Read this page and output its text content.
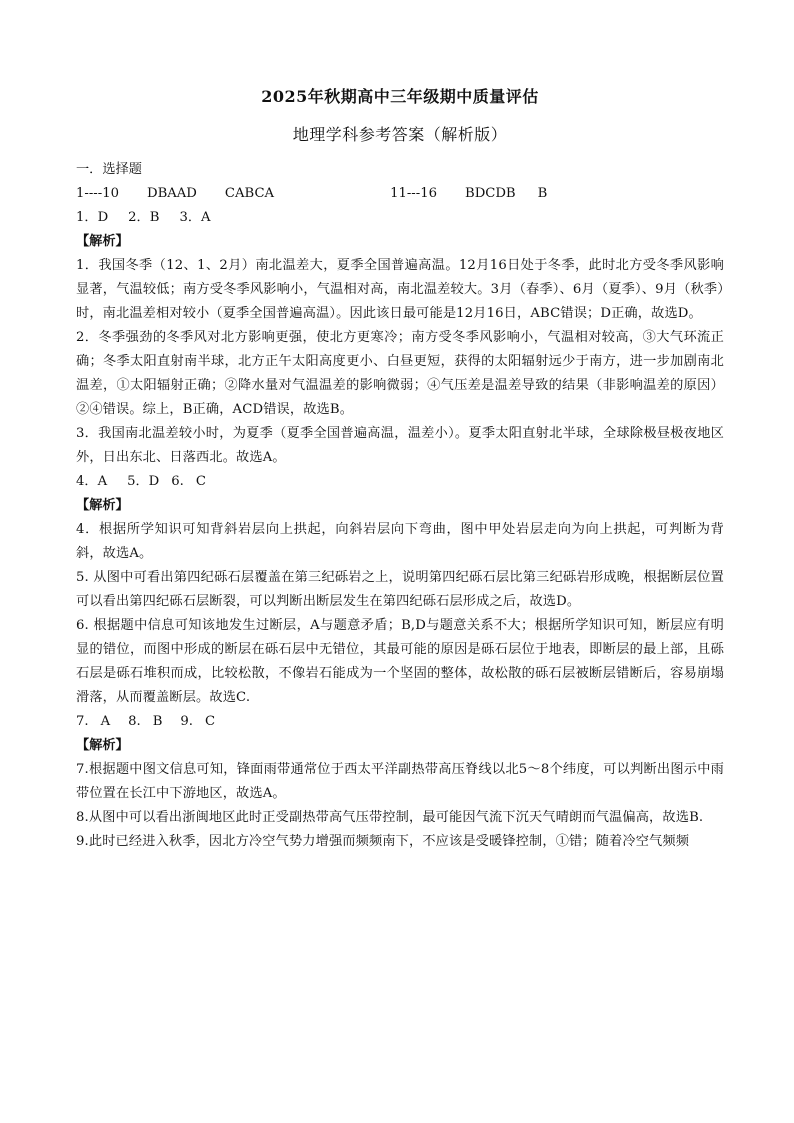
2025年秋期高中三年级期中质量评估
地理学科参考答案（解析版）

一．选择题

1----10 DBAAD CABCA	11---16 BDCDB B

1．D 2．B 3．A

【解析】

1．我国冬季（12、1、2月）南北温差大，夏季全国普遍高温。12月16日处于冬季，此时北方受冬季风影响显著，气温较低；南方受冬季风影响小，气温相对高，南北温差较大。3月（春季）、6月（夏季）、9月（秋季）时，南北温差相对较小（夏季全国普遍高温）。因此该日最可能是12月16日，ABC错误；D正确，故选D。

2．冬季强劲的冬季风对北方影响更强，使北方更寒冷；南方受冬季风影响小，气温相对较高，③大气环流正确；冬季太阳直射南半球，北方正午太阳高度更小、白昼更短，获得的太阳辐射远少于南方，进一步加剧南北温差，①太阳辐射正确；②降水量对气温温差的影响微弱；④气压差是温差导致的结果（非影响温差的原因）②④错误。综上，B正确，ACD错误，故选B。

3．我国南北温差较小时，为夏季（夏季全国普遍高温，温差小）。夏季太阳直射北半球，全球除极昼极夜地区外，日出东北、日落西北。故选A。

4．A 5．D 6. C

【解析】

4．根据所学知识可知背斜岩层向上拱起，向斜岩层向下弯曲，图中甲处岩层走向为向上拱起，可判断为背斜，故选A。

5. 从图中可看出第四纪砾石层覆盖在第三纪砾岩之上，说明第四纪砾石层比第三纪砾岩形成晚，根据断层位置可以看出第四纪砾石层断裂，可以判断出断层发生在第四纪砾石层形成之后，故选D。

6. 根据题中信息可知该地发生过断层，A与题意矛盾；B,D与题意关系不大；根据所学知识可知，断层应有明显的错位，而图中形成的断层在砾石层中无错位，其最可能的原因是砾石层位于地表，即断层的最上部，且砾石层是砾石堆积而成，比较松散，不像岩石能成为一个坚固的整体，故松散的砾石层被断层错断后，容易崩塌滑落，从而覆盖断层。故选C.

7. A 8. B 9. C

【解析】

7.根据题中图文信息可知，锋面雨带通常位于西太平洋副热带高压脊线以北5～8个纬度，可以判断出图示中雨带位置在长江中下游地区，故选A。

8.从图中可以看出浙闽地区此时正受副热带高气压带控制，最可能因气流下沉天气晴朗而气温偏高，故选B.

9.此时已经进入秋季，因北方冷空气势力增强而频频南下，不应该是受暖锋控制，①错；随着冷空气频频
